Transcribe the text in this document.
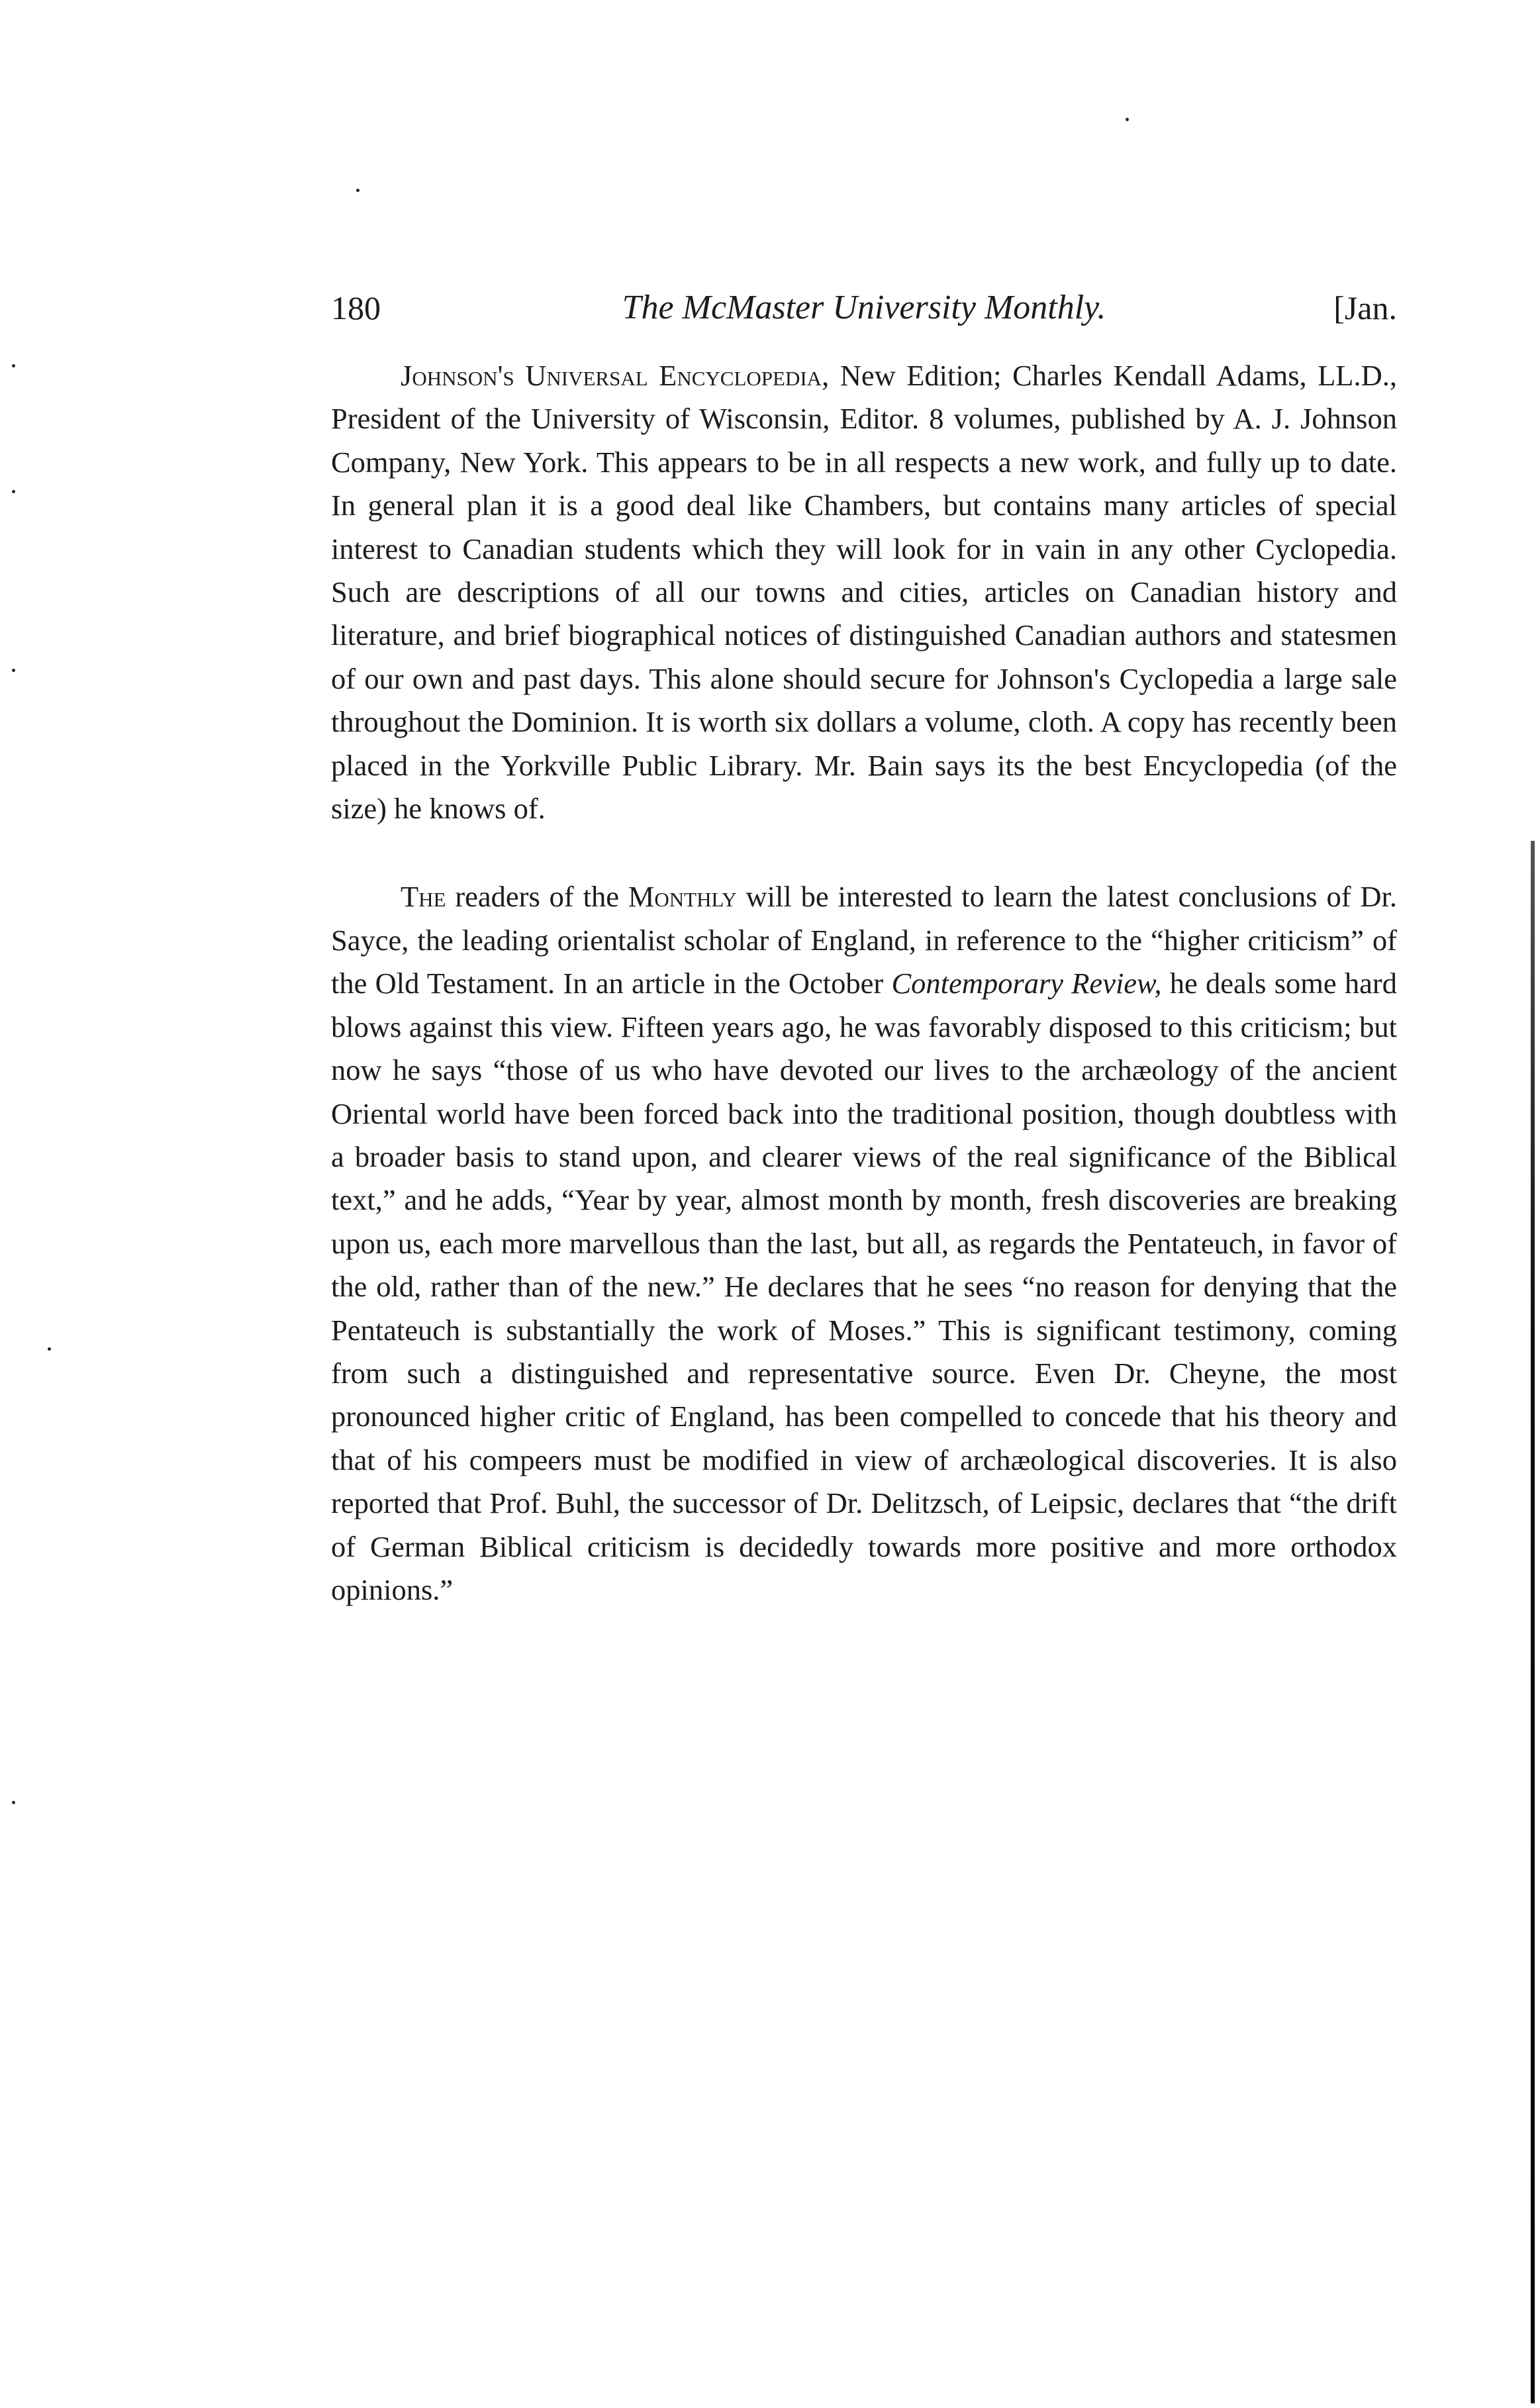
180	The McMaster University Monthly.	[Jan.

Johnson's Universal Encyclopedia, New Edition; Charles Kendall Adams, LL.D., President of the University of Wisconsin, Editor. 8 volumes, published by A. J. Johnson Company, New York. This appears to be in all respects a new work, and fully up to date. In general plan it is a good deal like Chambers, but contains many articles of special interest to Canadian students which they will look for in vain in any other Cyclopedia. Such are descriptions of all our towns and cities, articles on Canadian history and literature, and brief biographical notices of distinguished Canadian authors and statesmen of our own and past days. This alone should secure for Johnson's Cyclopedia a large sale throughout the Dominion. It is worth six dollars a volume, cloth. A copy has recently been placed in the Yorkville Public Library. Mr. Bain says its the best Encyclopedia (of the size) he knows of.

The readers of the Monthly will be interested to learn the latest conclusions of Dr. Sayce, the leading orientalist scholar of England, in reference to the “higher criticism” of the Old Testament. In an article in the October Contemporary Review, he deals some hard blows against this view. Fifteen years ago, he was favorably disposed to this criticism; but now he says “those of us who have devoted our lives to the archæology of the ancient Oriental world have been forced back into the traditional position, though doubtless with a broader basis to stand upon, and clearer views of the real significance of the Biblical text,” and he adds, “Year by year, almost month by month, fresh discoveries are breaking upon us, each more marvellous than the last, but all, as regards the Pentateuch, in favor of the old, rather than of the new.” He declares that he sees “no reason for denying that the Pentateuch is substantially the work of Moses.” This is significant testimony, coming from such a distinguished and representative source. Even Dr. Cheyne, the most pronounced higher critic of England, has been compelled to concede that his theory and that of his compeers must be modified in view of archæological discoveries. It is also reported that Prof. Buhl, the successor of Dr. Delitzsch, of Leipsic, declares that “the drift of German Biblical criticism is decidedly towards more positive and more orthodox opinions.”
